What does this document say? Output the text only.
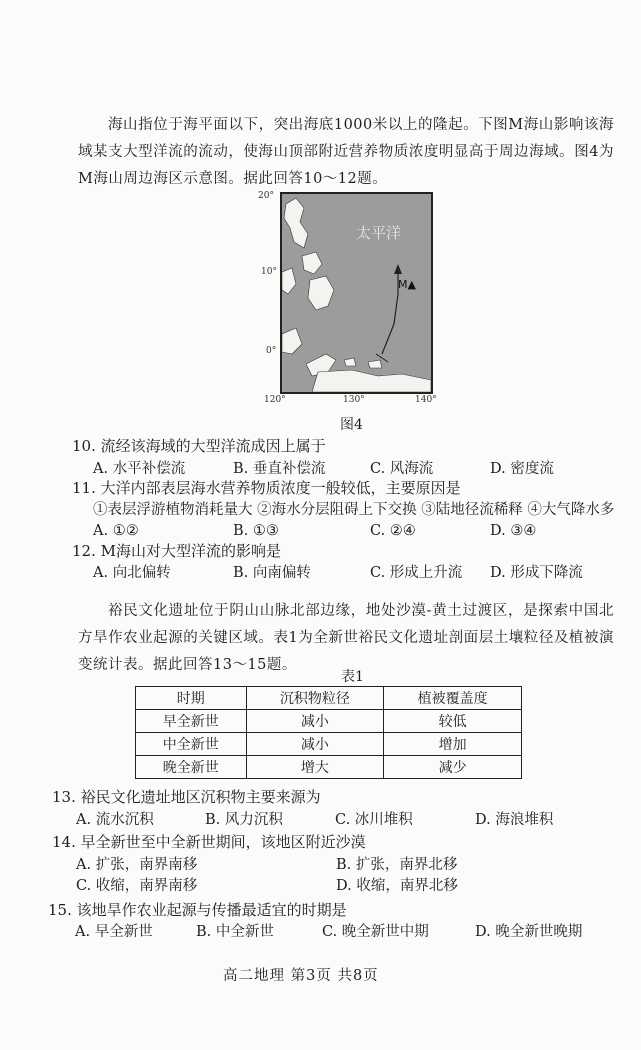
海山指位于海平面以下，突出海底1000米以上的隆起。下图M海山影响该海域某支大型洋流的流动，使海山顶部附近营养物质浓度明显高于周边海域。图4为M海山周边海区示意图。据此回答10～12题。
20°
10°
0°
120°	130°	140°
太平洋
M▲
图4
10. 流经该海域的大型洋流成因上属于
A. 水平补偿流	B. 垂直补偿流	C. 风海流	D. 密度流
11. 大洋内部表层海水营养物质浓度一般较低，主要原因是
①表层浮游植物消耗量大 ②海水分层阻碍上下交换 ③陆地径流稀释 ④大气降水多
A. ①②	B. ①③	C. ②④	D. ③④
12. M海山对大型洋流的影响是
A. 向北偏转	B. 向南偏转	C. 形成上升流 D. 形成下降流
裕民文化遗址位于阴山山脉北部边缘，地处沙漠-黄土过渡区，是探索中国北方旱作农业起源的关键区域。表1为全新世裕民文化遗址剖面层土壤粒径及植被演变统计表。据此回答13～15题。
表1
时期	沉积物粒径	植被覆盖度
早全新世	减小	较低
中全新世	减小	增加
晚全新世	增大	减少
13. 裕民文化遗址地区沉积物主要来源为
A. 流水沉积	B. 风力沉积	C. 冰川堆积	D. 海浪堆积
14. 早全新世至中全新世期间，该地区附近沙漠
A. 扩张，南界南移	B. 扩张，南界北移
C. 收缩，南界南移	D. 收缩，南界北移
15. 该地旱作农业起源与传播最适宜的时期是
A. 早全新世	B. 中全新世	C. 晚全新世中期	D. 晚全新世晚期
高二地理 第3页 共8页
